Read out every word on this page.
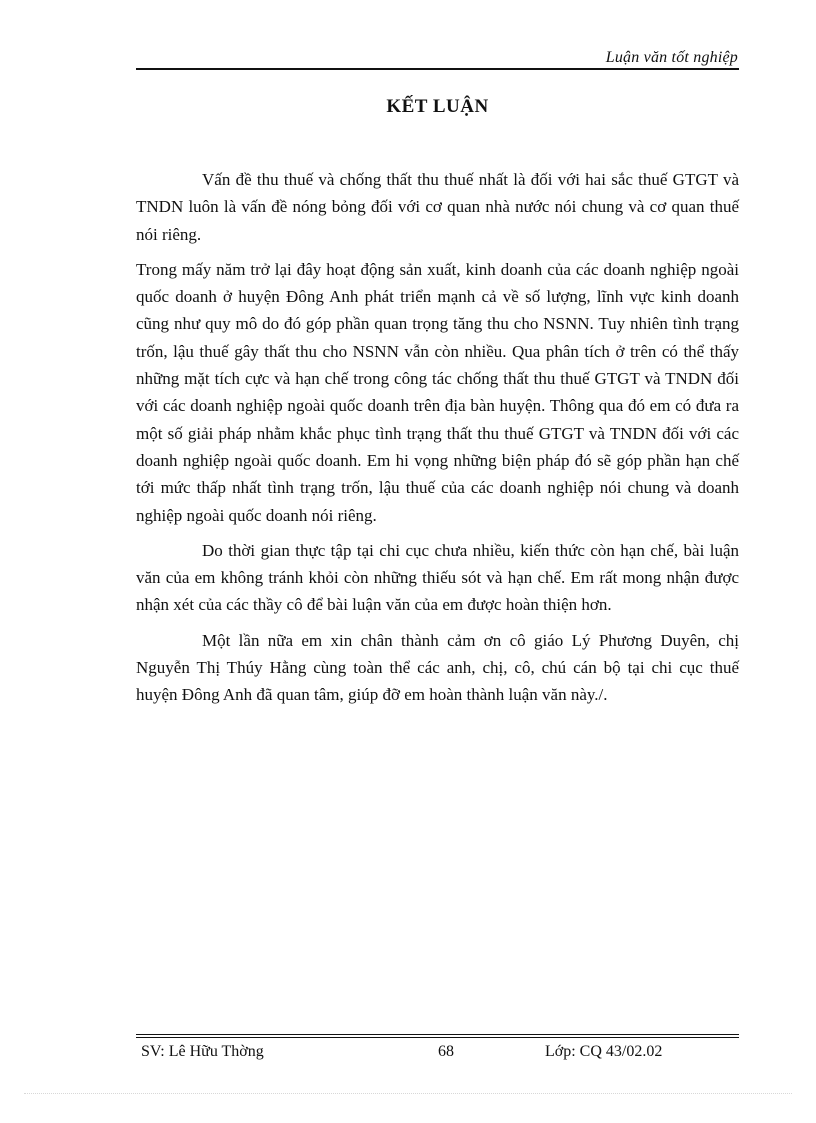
Luận văn tốt nghiệp
KẾT LUẬN

Vấn đề thu thuế và chống thất thu thuế nhất là đối với hai sắc thuế GTGT và TNDN luôn là vấn đề nóng bỏng đối với cơ quan nhà nước nói chung và cơ quan thuế nói riêng.

Trong mấy năm trở lại đây hoạt động sản xuất, kinh doanh của các doanh nghiệp ngoài quốc doanh ở huyện Đông Anh phát triển mạnh cả về số lượng, lĩnh vực kinh doanh cũng như quy mô do đó góp phần quan trọng tăng thu cho NSNN. Tuy nhiên tình trạng trốn, lậu thuế gây thất thu cho NSNN vẫn còn nhiều. Qua phân tích ở trên có thể thấy những mặt tích cực và hạn chế trong công tác chống thất thu thuế GTGT và TNDN đối với các doanh nghiệp ngoài quốc doanh trên địa bàn huyện. Thông qua đó em có đưa ra một số giải pháp nhằm khắc phục tình trạng thất thu thuế GTGT và TNDN đối với các doanh nghiệp ngoài quốc doanh. Em hi vọng những biện pháp đó sẽ góp phần hạn chế tới mức thấp nhất tình trạng trốn, lậu thuế của các doanh nghiệp nói chung và doanh nghiệp ngoài quốc doanh nói riêng.

Do thời gian thực tập tại chi cục chưa nhiều, kiến thức còn hạn chế, bài luận văn của em không tránh khỏi còn những thiếu sót và hạn chế. Em rất mong nhận được nhận xét của các thầy cô để bài luận văn của em được hoàn thiện hơn.

Một lần nữa em xin chân thành cảm ơn cô giáo Lý Phương Duyên, chị Nguyễn Thị Thúy Hằng cùng toàn thể các anh, chị, cô, chú cán bộ tại chi cục thuế huyện Đông Anh đã quan tâm, giúp đỡ em hoàn thành luận văn này./.

SV: Lê Hữu Thờng	68	Lớp: CQ 43/02.02
